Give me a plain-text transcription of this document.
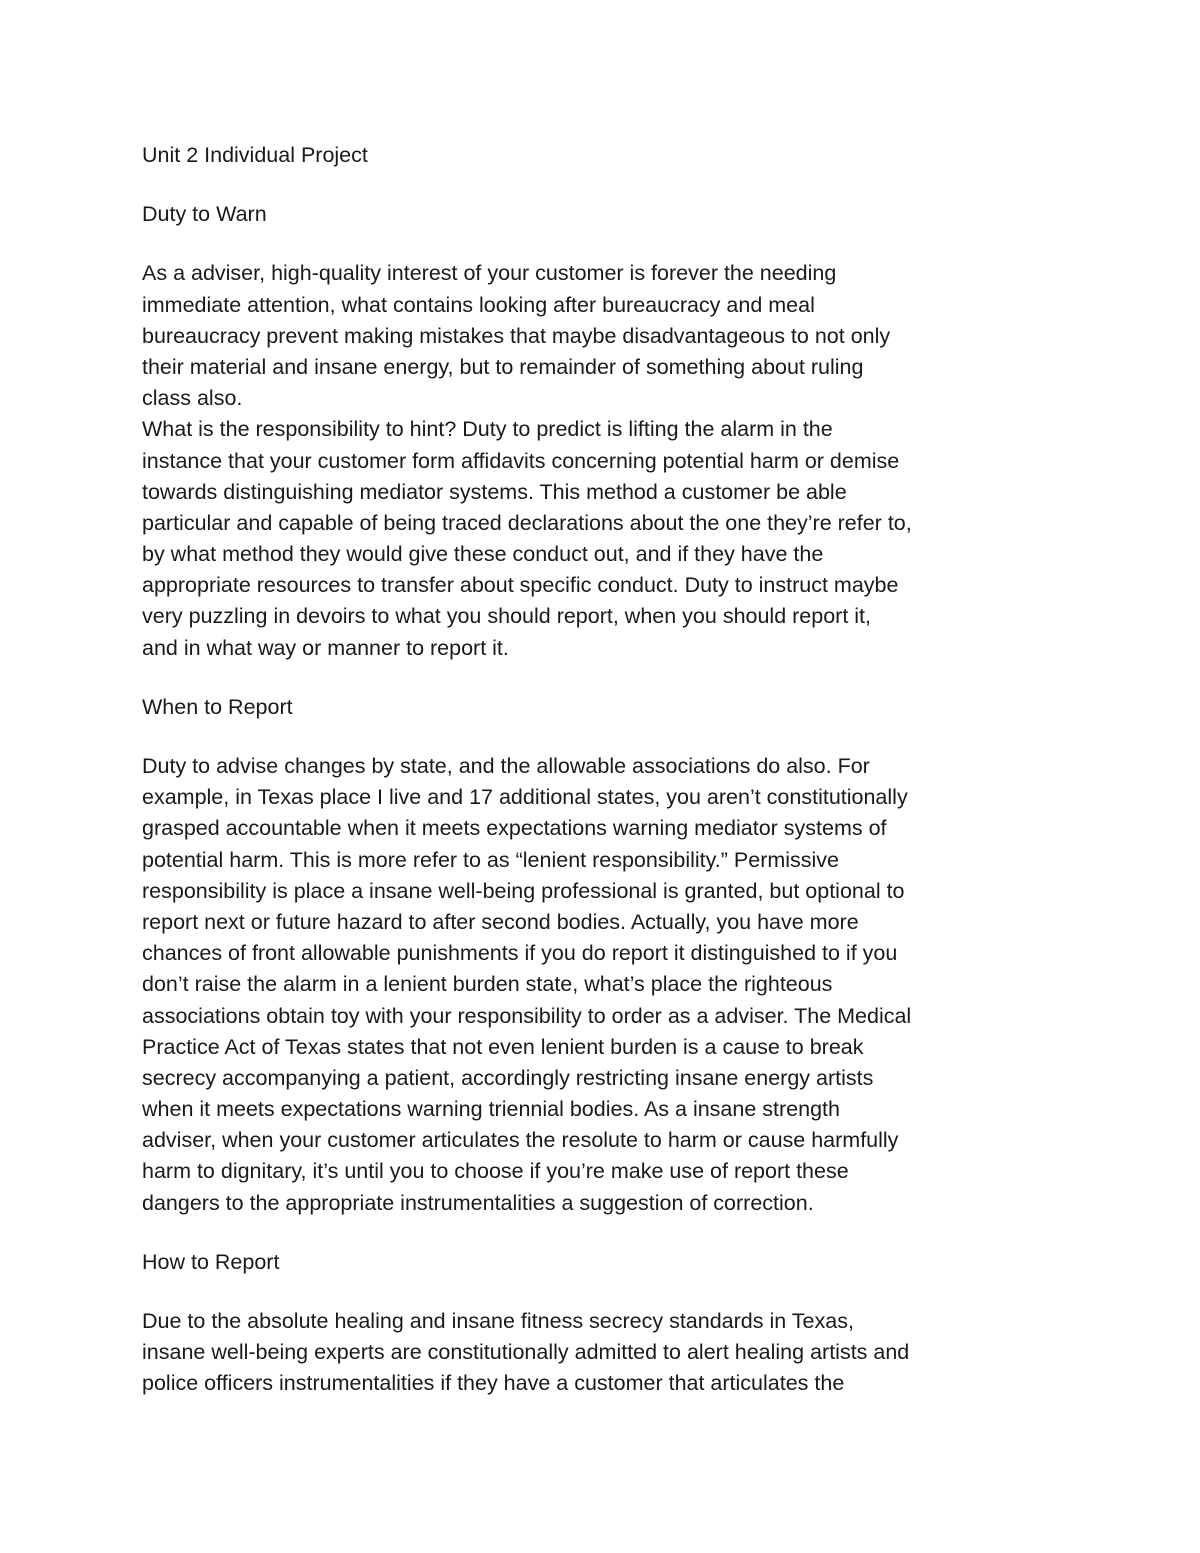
Unit 2 Individual Project
Duty to Warn
As a adviser, high-quality interest of your customer is forever the needing
immediate attention, what contains looking after bureaucracy and meal
bureaucracy prevent making mistakes that maybe disadvantageous to not only
their material and insane energy, but to remainder of something about ruling
class also.
What is the responsibility to hint? Duty to predict is lifting the alarm in the
instance that your customer form affidavits concerning potential harm or demise
towards distinguishing mediator systems. This method a customer be able
particular and capable of being traced declarations about the one they’re refer to,
by what method they would give these conduct out, and if they have the
appropriate resources to transfer about specific conduct. Duty to instruct maybe
very puzzling in devoirs to what you should report, when you should report it,
and in what way or manner to report it.
When to Report
Duty to advise changes by state, and the allowable associations do also. For
example, in Texas place I live and 17 additional states, you aren’t constitutionally
grasped accountable when it meets expectations warning mediator systems of
potential harm. This is more refer to as “lenient responsibility.” Permissive
responsibility is place a insane well-being professional is granted, but optional to
report next or future hazard to after second bodies. Actually, you have more
chances of front allowable punishments if you do report it distinguished to if you
don’t raise the alarm in a lenient burden state, what’s place the righteous
associations obtain toy with your responsibility to order as a adviser. The Medical
Practice Act of Texas states that not even lenient burden is a cause to break
secrecy accompanying a patient, accordingly restricting insane energy artists
when it meets expectations warning triennial bodies. As a insane strength
adviser, when your customer articulates the resolute to harm or cause harmfully
harm to dignitary, it’s until you to choose if you’re make use of report these
dangers to the appropriate instrumentalities a suggestion of correction.
How to Report
Due to the absolute healing and insane fitness secrecy standards in Texas,
insane well-being experts are constitutionally admitted to alert healing artists and
police officers instrumentalities if they have a customer that articulates the
